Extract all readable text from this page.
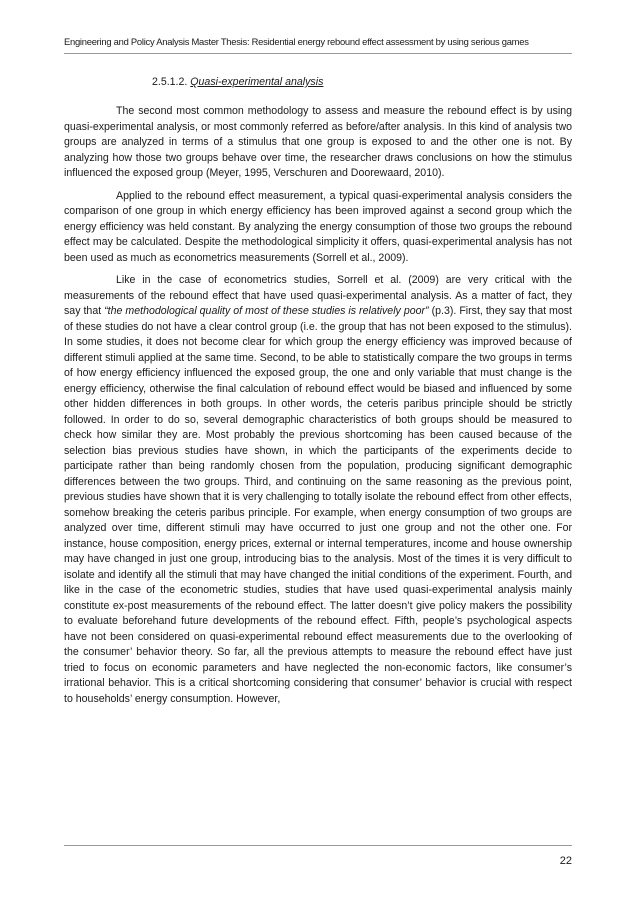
Engineering and Policy Analysis Master Thesis: Residential energy rebound effect assessment by using serious games
2.5.1.2. Quasi-experimental analysis

The second most common methodology to assess and measure the rebound effect is by using quasi-experimental analysis, or most commonly referred as before/after analysis. In this kind of analysis two groups are analyzed in terms of a stimulus that one group is exposed to and the other one is not. By analyzing how those two groups behave over time, the researcher draws conclusions on how the stimulus influenced the exposed group (Meyer, 1995, Verschuren and Doorewaard, 2010).

Applied to the rebound effect measurement, a typical quasi-experimental analysis considers the comparison of one group in which energy efficiency has been improved against a second group which the energy efficiency was held constant. By analyzing the energy consumption of those two groups the rebound effect may be calculated. Despite the methodological simplicity it offers, quasi-experimental analysis has not been used as much as econometrics measurements (Sorrell et al., 2009).

Like in the case of econometrics studies, Sorrell et al. (2009) are very critical with the measurements of the rebound effect that have used quasi-experimental analysis. As a matter of fact, they say that “the methodological quality of most of these studies is relatively poor” (p.3). First, they say that most of these studies do not have a clear control group (i.e. the group that has not been exposed to the stimulus). In some studies, it does not become clear for which group the energy efficiency was improved because of different stimuli applied at the same time. Second, to be able to statistically compare the two groups in terms of how energy efficiency influenced the exposed group, the one and only variable that must change is the energy efficiency, otherwise the final calculation of rebound effect would be biased and influenced by some other hidden differences in both groups. In other words, the ceteris paribus principle should be strictly followed. In order to do so, several demographic characteristics of both groups should be measured to check how similar they are. Most probably the previous shortcoming has been caused because of the selection bias previous studies have shown, in which the participants of the experiments decide to participate rather than being randomly chosen from the population, producing significant demographic differences between the two groups. Third, and continuing on the same reasoning as the previous point, previous studies have shown that it is very challenging to totally isolate the rebound effect from other effects, somehow breaking the ceteris paribus principle. For example, when energy consumption of two groups are analyzed over time, different stimuli may have occurred to just one group and not the other one. For instance, house composition, energy prices, external or internal temperatures, income and house ownership may have changed in just one group, introducing bias to the analysis. Most of the times it is very difficult to isolate and identify all the stimuli that may have changed the initial conditions of the experiment. Fourth, and like in the case of the econometric studies, studies that have used quasi-experimental analysis mainly constitute ex-post measurements of the rebound effect. The latter doesn’t give policy makers the possibility to evaluate beforehand future developments of the rebound effect. Fifth, people’s psychological aspects have not been considered on quasi-experimental rebound effect measurements due to the overlooking of the consumer’ behavior theory. So far, all the previous attempts to measure the rebound effect have just tried to focus on economic parameters and have neglected the non-economic factors, like consumer’s irrational behavior. This is a critical shortcoming considering that consumer’ behavior is crucial with respect to households’ energy consumption. However,

22
